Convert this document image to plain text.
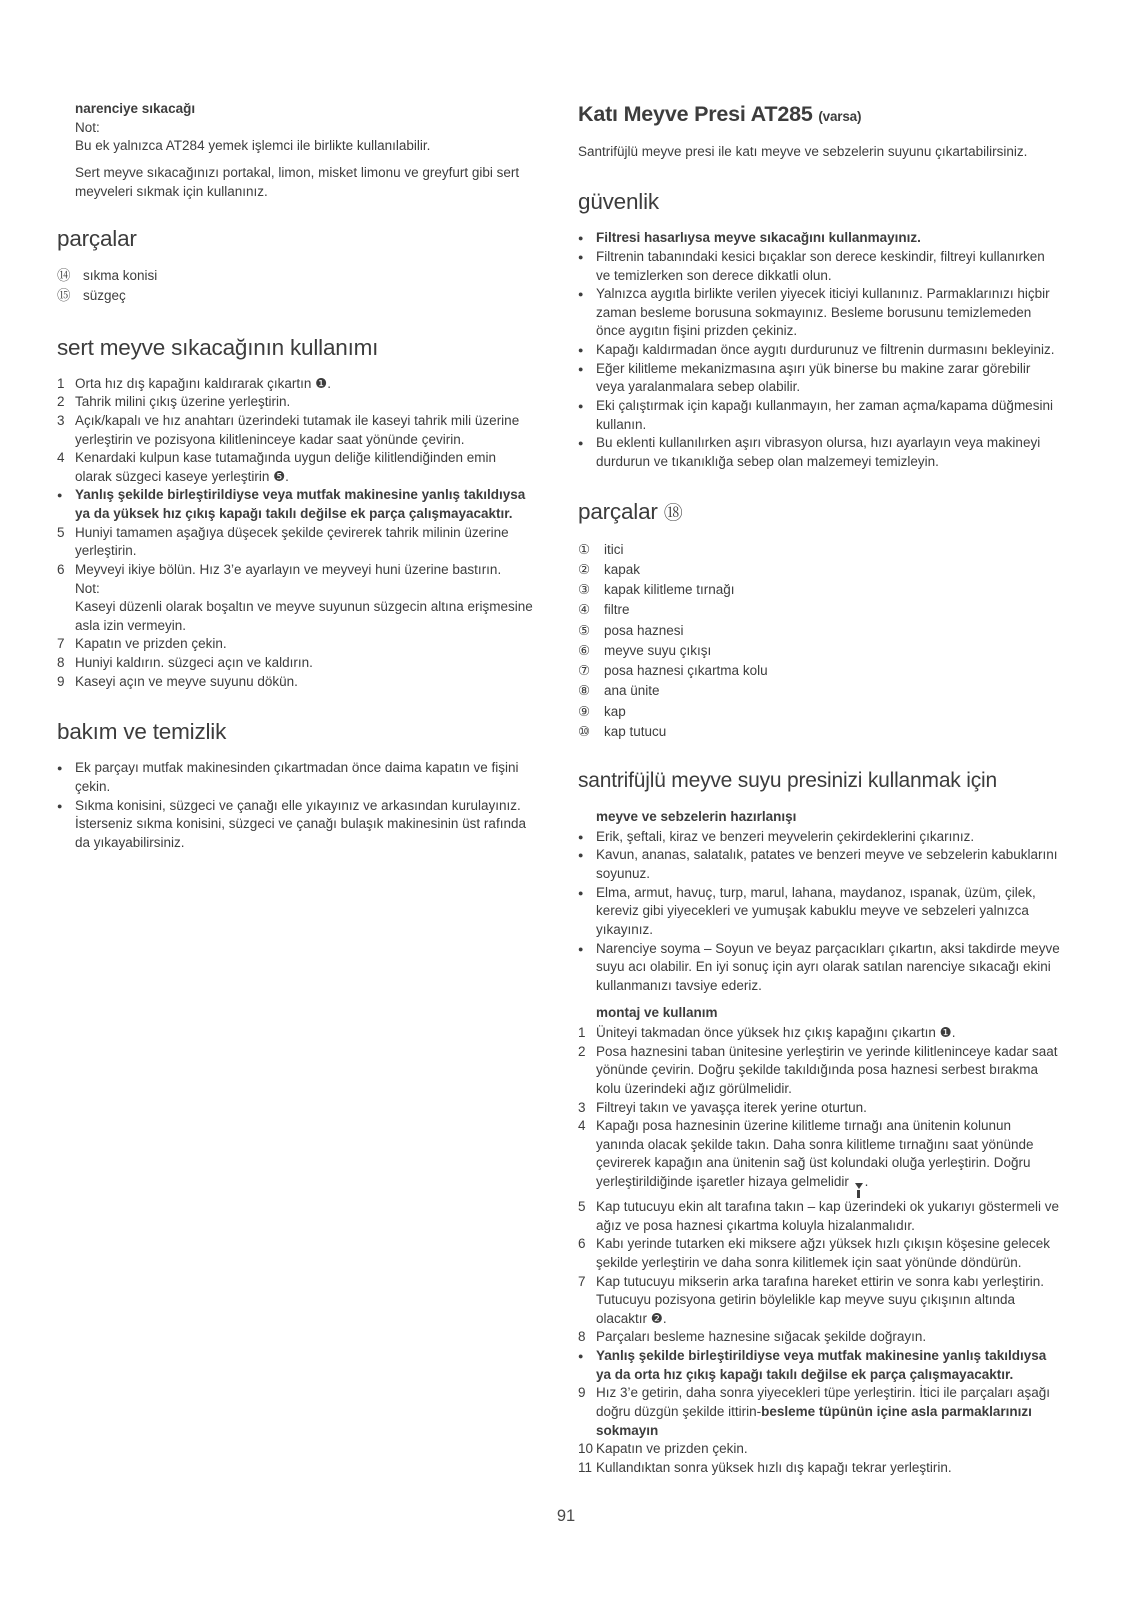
narenciye sıkacağı

Not:

Bu ek yalnızca AT284 yemek işlemci ile birlikte kullanılabilir.

Sert meyve sıkacağınızı portakal, limon, misket limonu ve greyfurt gibi sert meyveleri sıkmak için kullanınız.

parçalar
⑭ sıkma konisi
⑮ süzgeç
sert meyve sıkacağının kullanımı
1 Orta hız dış kapağını kaldırarak çıkartın ❶.
2 Tahrik milini çıkış üzerine yerleştirin.
3 Açık/kapalı ve hız anahtarı üzerindeki tutamak ile kaseyi tahrik mili üzerine yerleştirin ve pozisyona kilitleninceye kadar saat yönünde çevirin.
4 Kenardaki kulpun kase tutamağında uygun deliğe kilitlendiğinden emin olarak süzgeci kaseye yerleştirin ❺.
● Yanlış şekilde birleştirildiyse veya mutfak makinesine yanlış takıldıysa ya da yüksek hız çıkış kapağı takılı değilse ek parça çalışmayacaktır.
5 Huniyi tamamen aşağıya düşecek şekilde çevirerek tahrik milinin üzerine yerleştirin.
6 Meyveyi ikiye bölün. Hız 3’e ayarlayın ve meyveyi huni üzerine bastırın.
Not:
Kaseyi düzenli olarak boşaltın ve meyve suyunun süzgecin altına erişmesine asla izin vermeyin.
7 Kapatın ve prizden çekin.
8 Huniyi kaldırın. süzgeci açın ve kaldırın.
9 Kaseyi açın ve meyve suyunu dökün.
bakım ve temizlik
● Ek parçayı mutfak makinesinden çıkartmadan önce daima kapatın ve fişini çekin.
● Sıkma konisini, süzgeci ve çanağı elle yıkayınız ve arkasından kurulayınız. İsterseniz sıkma konisini, süzgeci ve çanağı bulaşık makinesinin üst rafında da yıkayabilirsiniz.
Katı Meyve Presi AT285 (varsa)

Santrifüjlü meyve presi ile katı meyve ve sebzelerin suyunu çıkartabilirsiniz.

güvenlik
● Filtresi hasarlıysa meyve sıkacağını kullanmayınız.
● Filtrenin tabanındaki kesici bıçaklar son derece keskindir, filtreyi kullanırken ve temizlerken son derece dikkatli olun.
● Yalnızca aygıtla birlikte verilen yiyecek iticiyi kullanınız. Parmaklarınızı hiçbir zaman besleme borusuna sokmayınız. Besleme borusunu temizlemeden önce aygıtın fişini prizden çekiniz.
● Kapağı kaldırmadan önce aygıtı durdurunuz ve filtrenin durmasını bekleyiniz.
● Eğer kilitleme mekanizmasına aşırı yük binerse bu makine zarar görebilir veya yaralanmalara sebep olabilir.
● Eki çalıştırmak için kapağı kullanmayın, her zaman açma/kapama düğmesini kullanın.
● Bu eklenti kullanılırken aşırı vibrasyon olursa, hızı ayarlayın veya makineyi durdurun ve tıkanıklığa sebep olan malzemeyi temizleyin.
parçalar ⑱
①	itici
②	kapak
③	kapak kilitleme tırnağı
④	filtre
⑤	posa haznesi
⑥	meyve suyu çıkışı
⑦	posa haznesi çıkartma kolu
⑧	ana ünite
⑨	kap
⑩	kap tutucu
santrifüjlü meyve suyu presinizi kullanmak için
meyve ve sebzelerin hazırlanışı
● Erik, şeftali, kiraz ve benzeri meyvelerin çekirdeklerini çıkarınız.
● Kavun, ananas, salatalık, patates ve benzeri meyve ve sebzelerin kabuklarını soyunuz.
● Elma, armut, havuç, turp, marul, lahana, maydanoz, ıspanak, üzüm, çilek, kereviz gibi yiyecekleri ve yumuşak kabuklu meyve ve sebzeleri yalnızca yıkayınız.
● Narenciye soyma – Soyun ve beyaz parçacıkları çıkartın, aksi takdirde meyve suyu acı olabilir. En iyi sonuç için ayrı olarak satılan narenciye sıkacağı ekini kullanmanızı tavsiye ederiz.
montaj ve kullanım
1 Üniteyi takmadan önce yüksek hız çıkış kapağını çıkartın ❶.
2 Posa haznesini taban ünitesine yerleştirin ve yerinde kilitleninceye kadar saat yönünde çevirin. Doğru şekilde takıldığında posa haznesi serbest bırakma kolu üzerindeki ağız görülmelidir.
3 Filtreyi takın ve yavaşça iterek yerine oturtun.
4 Kapağı posa haznesinin üzerine kilitleme tırnağı ana ünitenin kolunun yanında olacak şekilde takın. Daha sonra kilitleme tırnağını saat yönünde çevirerek kapağın ana ünitenin sağ üst kolundaki oluğa yerleştirin. Doğru yerleştirildiğinde işaretler hizaya gelmelidir
.
5 Kap tutucuyu ekin alt tarafına takın – kap üzerindeki ok yukarıyı göstermeli ve ağız ve posa haznesi çıkartma koluyla hizalanmalıdır.
6 Kabı yerinde tutarken eki miksere ağzı yüksek hızlı çıkışın köşesine gelecek şekilde yerleştirin ve daha sonra kilitlemek için saat yönünde döndürün.
7 Kap tutucuyu mikserin arka tarafına hareket ettirin ve sonra kabı yerleştirin. Tutucuyu pozisyona getirin böylelikle kap meyve suyu çıkışının altında olacaktır ❷.
8 Parçaları besleme haznesine sığacak şekilde doğrayın.
● Yanlış şekilde birleştirildiyse veya mutfak makinesine yanlış takıldıysa ya da orta hız çıkış kapağı takılı değilse ek parça çalışmayacaktır.
9 Hız 3’e getirin, daha sonra yiyecekleri tüpe yerleştirin. İtici ile parçaları aşağı doğru düzgün şekilde ittirin-besleme tüpünün içine asla parmaklarınızı sokmayın
10 Kapatın ve prizden çekin.
11 Kullandıktan sonra yüksek hızlı dış kapağı tekrar yerleştirin.
91
